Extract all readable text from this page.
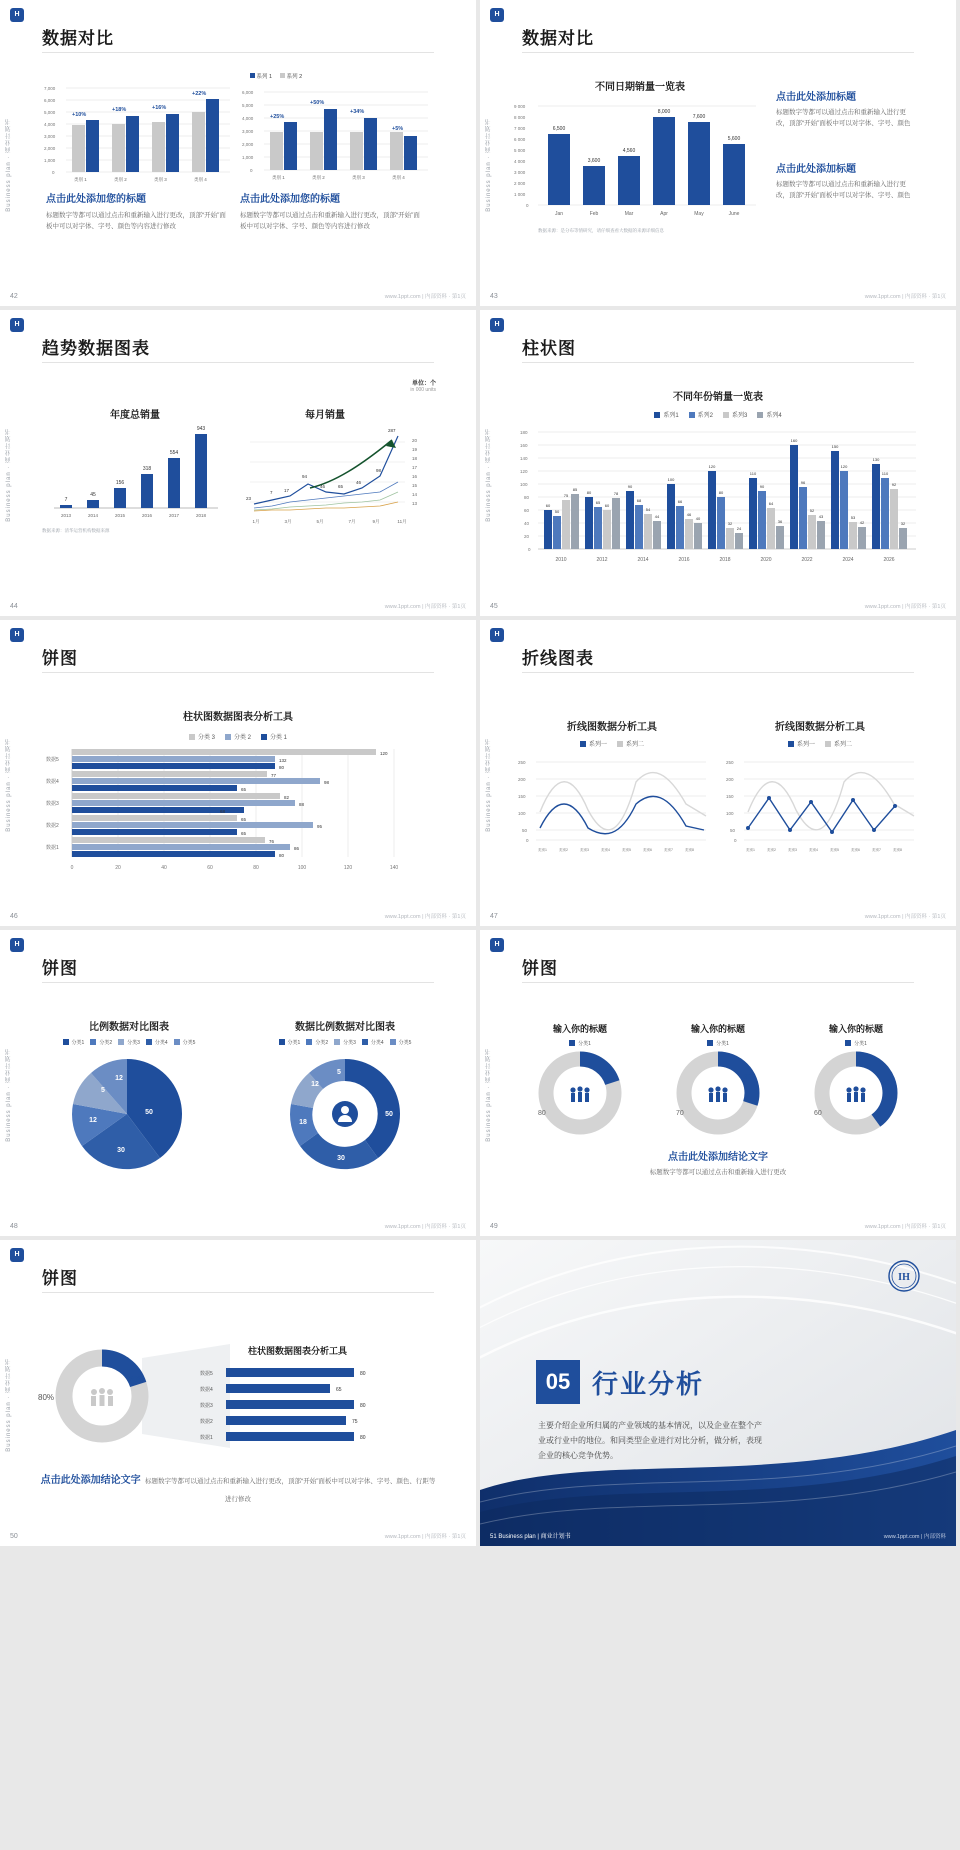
H
Business plan · 商业计划书
数据对比
系列 1	系列 2
7,000
6,000
5,000
4,000
3,000
2,000
1,000
0
+10%
+18%	+16%
+22%
类别 1	类别 2	类别 3	类别 4
6,000
5,000
4,000
3,000
2,000
1,000
0
+25%
+50%
+34%
+5%
类别 1	类别 2	类别 3	类别 4
点击此处添加您的标题
标题数字等都可以通过点击和重新输入进行更改，顶部“开始”面板中可以对字体、字号、颜色等内容进行修改
点击此处添加您的标题
标题数字等都可以通过点击和重新输入进行更改，顶部“开始”面板中可以对字体、字号、颜色等内容进行修改
42	www.1ppt.com | 内部资料 · 第1页
H
Business plan · 商业计划书
数据对比
不同日期销量一览表
9 000
8 000
7 000
6 000
5 000
4 000
3 000
2 000
1 000
0
6,500
3,600
4,560
8,000
7,600
5,600
Jan	Feb	Mar	Apr	May	June
数据来源：是分布等情研究，请仔细查看大数据的来源详细信息
点击此处添加标题
标题数字等都可以通过点击和重新输入进行更改，顶部“开始”面板中可以对字体、字号、颜色
点击此处添加标题
标题数字等都可以通过点击和重新输入进行更改，顶部“开始”面板中可以对字体、字号、颜色
43	www.1ppt.com | 内部资料 · 第1页
H
Business plan · 商业计划书
趋势数据图表
单位：个
in 000 units
年度总销量
7
45
156
318
554
943
2013	2014	2015	2016	2017	2018
数据来源：清华运营机构数据来源
每月销量
23
7	17
94
46	65
46
98
287
20
19
18
17
16
15
14
13
1月	3月	5月	7月	9月	11月
44	www.1ppt.com | 内部资料 · 第1页
H
Business plan · 商业计划书
柱状图
不同年份销量一览表
系列1	系列2	系列3	系列4
180
160
140
120
100
80
60
40
20
0
60
50
75
85
80
65
60
78
90
68
54
44
100
66
46
40
120
80
32
24
110
90
64
36
160
96
52
43
150
120
53
42
130
110
92
32
2010	2012	2014	2016	2018	2020	2022	2024	2026
45	www.1ppt.com | 内部资料 · 第1页
H
Business plan · 商业计划书
饼图
柱状图数据图表分析工具
分类 3	分类 2	分类 1
数据5
数据4
数据3
数据2
数据1
120
132
80
77
98
65
82
88
68
65
95
65
76
86
80
0	20	40	60	80	100	120	140
46	www.1ppt.com | 内部资料 · 第1页
H
Business plan · 商业计划书
折线图表
折线图数据分析工具
系列一	系列二
250
200
150
100
50
0
类别1	类别2	类别3	类别4	类别5	类别6	类别7	类别8
折线图数据分析工具
系列一	系列二
250
200
150
100
50
0
类别1	类别2	类别3	类别4	类别5	类别6	类别7	类别8
47	www.1ppt.com | 内部资料 · 第1页
H
Business plan · 商业计划书
饼图
比例数据对比图表
分类1	分类2	分类3	分类4	分类5
50
30
12
5
12
数据比例数据对比图表
分类1	分类2	分类3	分类4	分类5
50
30
18
12
5
48	www.1ppt.com | 内部资料 · 第1页
H
Business plan · 商业计划书
饼图
输入你的标题
分类1
20
80
输入你的标题
分类1
30
70
输入你的标题
分类1
40
60
点击此处添加结论文字
标题数字等都可以通过点击和重新输入进行更改
49	www.1ppt.com | 内部资料 · 第1页
H
Business plan · 商业计划书
饼图
20%
80%
柱状图数据图表分析工具
数据5
数据4
数据3
数据2
数据1
80
65
80
75
80
点击此处添加结论文字 标题数字等都可以通过点击和重新输入进行更改，顶部“开始”面板中可以对字体、字号、颜色、行距等进行修改
50	www.1ppt.com | 内部资料 · 第1页
IH
05 行业分析
主要介绍企业所归属的产业领域的基本情况，以及企业在整个产业或行业中的地位。和同类型企业进行对比分析，做分析，表现企业的核心竞争优势。
51 Business plan | 商业计划书	www.1ppt.com | 内部资料
